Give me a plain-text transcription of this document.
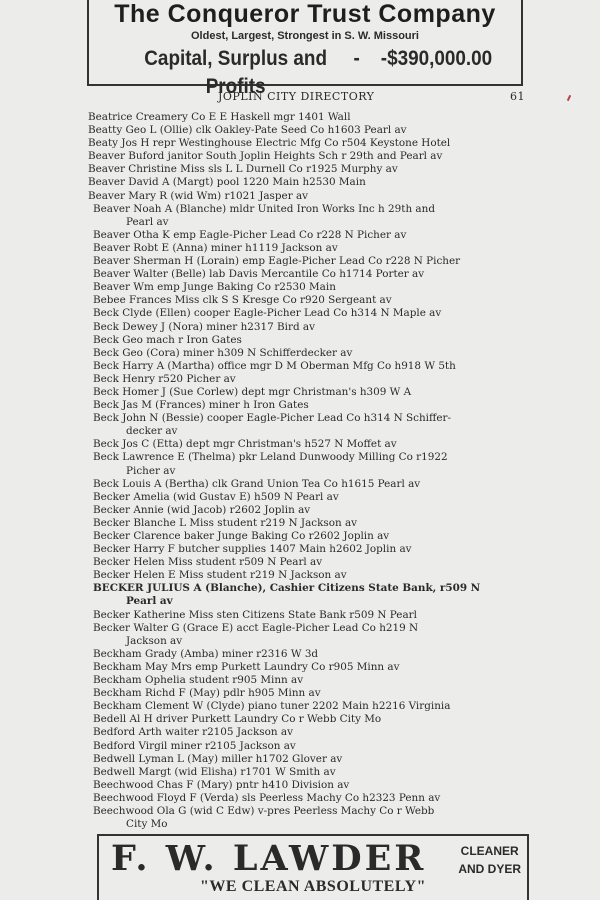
The Conqueror Trust Company
Oldest, Largest, Strongest in S. W. Missouri
Capital, Surplus and Profits
-    - $390,000.00
JOPLIN CITY DIRECTORY	61
Beatrice Creamery Co E E Haskell mgr 1401 Wall
Beatty Geo L (Ollie) clk Oakley-Pate Seed Co h1603 Pearl av
Beaty Jos H repr Westinghouse Electric Mfg Co r504 Keystone Hotel
Beaver Buford janitor South Joplin Heights Sch r 29th and Pearl av
Beaver Christine Miss sls L L Durnell Co r1925 Murphy av
Beaver David A (Margt) pool 1220 Main h2530 Main
Beaver Mary R (wid Wm) r1021 Jasper av
Beaver Noah A (Blanche) mldr United Iron Works Inc h 29th and
Pearl av
Beaver Otha K emp Eagle-Picher Lead Co r228 N Picher av
Beaver Robt E (Anna) miner h1119 Jackson av
Beaver Sherman H (Lorain) emp Eagle-Picher Lead Co r228 N Picher
Beaver Walter (Belle) lab Davis Mercantile Co h1714 Porter av
Beaver Wm emp Junge Baking Co r2530 Main
Bebee Frances Miss clk S S Kresge Co r920 Sergeant av
Beck Clyde (Ellen) cooper Eagle-Picher Lead Co h314 N Maple av
Beck Dewey J (Nora) miner h2317 Bird av
Beck Geo mach r Iron Gates
Beck Geo (Cora) miner h309 N Schifferdecker av
Beck Harry A (Martha) office mgr D M Oberman Mfg Co h918 W 5th
Beck Henry r520 Picher av
Beck Homer J (Sue Corlew) dept mgr Christman's h309 W A
Beck Jas M (Frances) miner h Iron Gates
Beck John N (Bessie) cooper Eagle-Picher Lead Co h314 N Schiffer-
decker av
Beck Jos C (Etta) dept mgr Christman's h527 N Moffet av
Beck Lawrence E (Thelma) pkr Leland Dunwoody Milling Co r1922
Picher av
Beck Louis A (Bertha) clk Grand Union Tea Co h1615 Pearl av
Becker Amelia (wid Gustav E) h509 N Pearl av
Becker Annie (wid Jacob) r2602 Joplin av
Becker Blanche L Miss student r219 N Jackson av
Becker Clarence baker Junge Baking Co r2602 Joplin av
Becker Harry F butcher supplies 1407 Main h2602 Joplin av
Becker Helen Miss student r509 N Pearl av
Becker Helen E Miss student r219 N Jackson av
BECKER JULIUS A (Blanche), Cashier Citizens State Bank, r509 N
Pearl av
Becker Katherine Miss sten Citizens State Bank r509 N Pearl
Becker Walter G (Grace E) acct Eagle-Picher Lead Co h219 N
Jackson av
Beckham Grady (Amba) miner r2316 W 3d
Beckham May Mrs emp Purkett Laundry Co r905 Minn av
Beckham Ophelia student r905 Minn av
Beckham Richd F (May) pdlr h905 Minn av
Beckham Clement W (Clyde) piano tuner 2202 Main h2216 Virginia
Bedell Al H driver Purkett Laundry Co r Webb City Mo
Bedford Arth waiter r2105 Jackson av
Bedford Virgil miner r2105 Jackson av
Bedwell Lyman L (May) miller h1702 Glover av
Bedwell Margt (wid Elisha) r1701 W Smith av
Beechwood Chas F (Mary) pntr h410 Division av
Beechwood Floyd F (Verda) sls Peerless Machy Co h2323 Penn av
Beechwood Ola G (wid C Edw) v-pres Peerless Machy Co r Webb
City Mo
F. W. LAWDER	CLEANER
AND DYER
"WE CLEAN ABSOLUTELY"
